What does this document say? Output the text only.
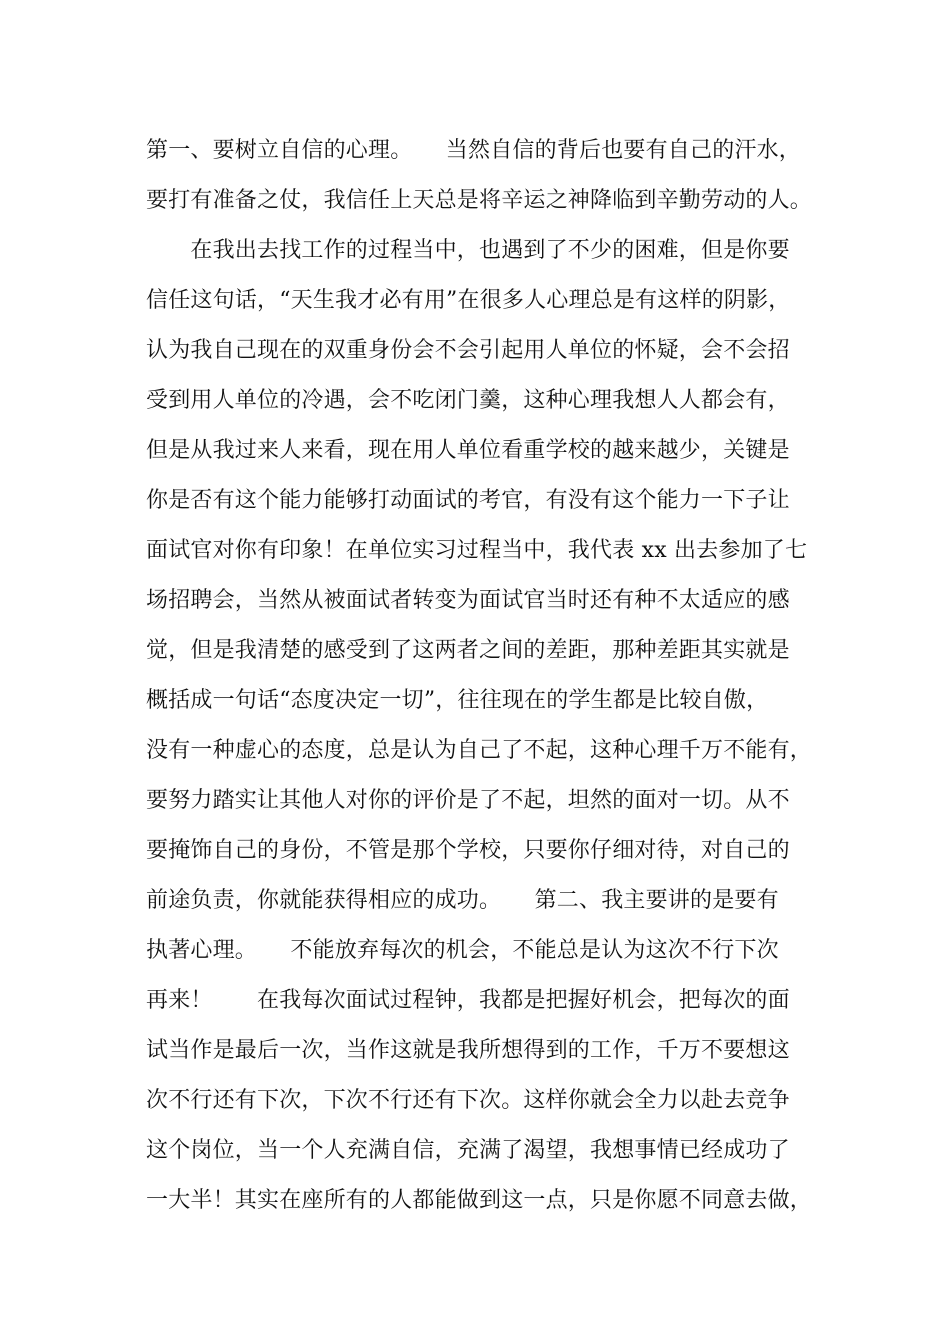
第一、要树立自信的心理。　　当然自信的背后也要有自己的汗水，
要打有准备之仗，我信任上天总是将辛运之神降临到辛勤劳动的人。
　　在我出去找工作的过程当中，也遇到了不少的困难，但是你要
信任这句话，“天生我才必有用”在很多人心理总是有这样的阴影，
认为我自己现在的双重身份会不会引起用人单位的怀疑，会不会招
受到用人单位的冷遇，会不吃闭门羹，这种心理我想人人都会有，
但是从我过来人来看，现在用人单位看重学校的越来越少，关键是
你是否有这个能力能够打动面试的考官，有没有这个能力一下子让
面试官对你有印象！在单位实习过程当中，我代表 xx 出去参加了七
场招聘会，当然从被面试者转变为面试官当时还有种不太适应的感
觉，但是我清楚的感受到了这两者之间的差距，那种差距其实就是
概括成一句话“态度决定一切”，往往现在的学生都是比较自傲，
没有一种虚心的态度，总是认为自己了不起，这种心理千万不能有，
要努力踏实让其他人对你的评价是了不起，坦然的面对一切。从不
要掩饰自己的身份，不管是那个学校，只要你仔细对待，对自己的
前途负责，你就能获得相应的成功。　　第二、我主要讲的是要有
执著心理。　　不能放弃每次的机会，不能总是认为这次不行下次
再来！　　在我每次面试过程钟，我都是把握好机会，把每次的面
试当作是最后一次，当作这就是我所想得到的工作，千万不要想这
次不行还有下次，下次不行还有下次。这样你就会全力以赴去竞争
这个岗位，当一个人充满自信，充满了渴望，我想事情已经成功了
一大半！其实在座所有的人都能做到这一点，只是你愿不同意去做，
